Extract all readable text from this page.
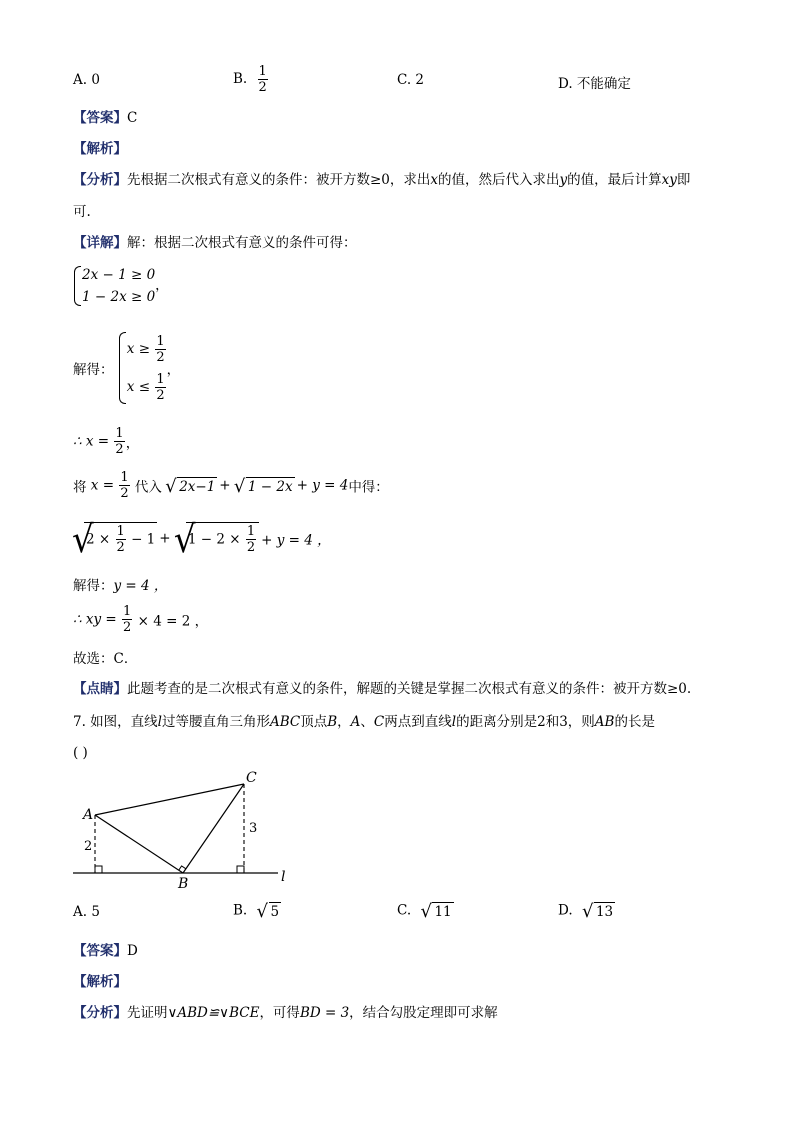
A. 0	B. $\frac{1}{2}$	C. 2	D. 不能确定
【答案】C
【解析】
【分析】先根据二次根式有意义的条件：被开方数≥0，求出x的值，然后代入求出y的值，最后计算xy即
可.
【详解】解：根据二次根式有意义的条件可得：
2x − 1 ≥ 0
1 − 2x ≥ 0
，
解得：
$x \ge \frac{1}{2}$
$x \le \frac{1}{2}$
，
∴ $x = \frac{1}{2}$ ，
将 $x = \frac{1}{2}$ 代入 √ 2x−1 + √ 1 − 2x + y = 4中得：
√ $2 \times \frac{1}{2} - 1$ + √ $1 - 2 \times \frac{1}{2} + y = 4$ ，
解得：y = 4 ，
∴ xy = $\frac{1}{2} \times 4 = 2$ ，
故选：C．
【点睛】此题考查的是二次根式有意义的条件，解题的关键是掌握二次根式有意义的条件：被开方数≥0.
7. 如图，直线l过等腰直角三角形ABC顶点B，A、C两点到直线l的距离分别是2和3，则AB的长是
( )
A
B
C
l
2
3
A. 5	B. √ 5	C. √ 11	D. √ 13
【答案】D
【解析】
【分析】先证明∨ABD≌∨BCE，可得BD = 3，结合勾股定理即可求解
